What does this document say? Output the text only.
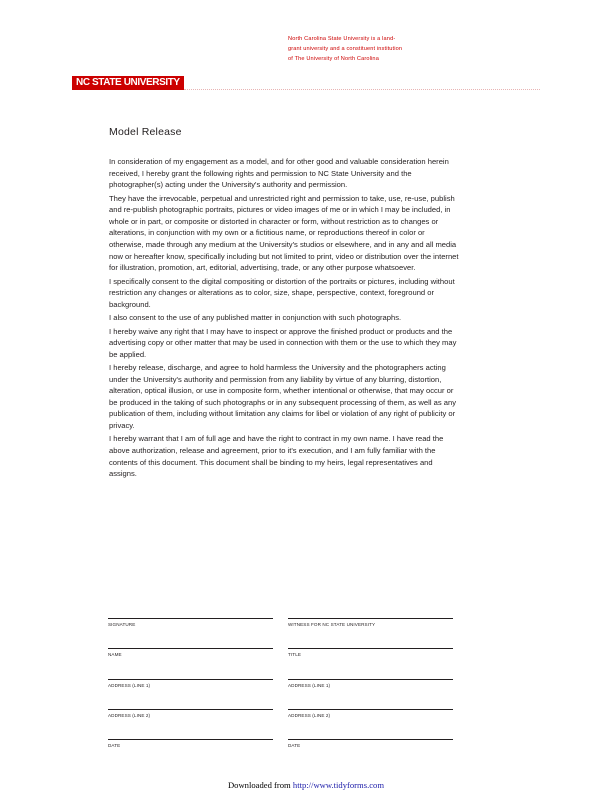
North Carolina State University is a land-
grant university and a constituent institution
of The University of North Carolina
NC STATE UNIVERSITY
Model Release

In consideration of my engagement as a model, and for other good and valuable consideration herein received, I hereby grant the following rights and permission to NC State University and the photographer(s) acting under the University's authority and permission.

They have the irrevocable, perpetual and unrestricted right and permission to take, use, re-use, publish and re-publish photographic portraits, pictures or video images of me or in which I may be included, in whole or in part, or composite or distorted in character or form, without restriction as to changes or alterations, in conjunction with my own or a fictitious name, or reproductions thereof in color or otherwise, made through any medium at the University's studios or elsewhere, and in any and all media now or hereafter know, specifically including but not limited to print, video or distribution over the internet for illustration, promotion, art, editorial, advertising, trade, or any other purpose whatsoever.

I specifically consent to the digital compositing or distortion of the portraits or pictures, including without restriction any changes or alterations as to color, size, shape, perspective, context, foreground or background.

I also consent to the use of any published matter in conjunction with such photographs.

I hereby waive any right that I may have to inspect or approve the finished product or products and the advertising copy or other matter that may be used in connection with them or the use to which they may be applied.

I hereby release, discharge, and agree to hold harmless the University and the photographers acting under the University's authority and permission from any liability by virtue of any blurring, distortion, alteration, optical illusion, or use in composite form, whether intentional or otherwise, that may occur or be produced in the taking of such photographs or in any subsequent processing of them, as well as any publication of them, including without limitation any claims for libel or violation of any right of publicity or privacy.

I hereby warrant that I am of full age and have the right to contract in my own name. I have read the above authorization, release and agreement, prior to it's execution, and I am fully familiar with the contents of this document. This document shall be binding to my heirs, legal representatives and assigns.

SIGNATURE	WITNESS FOR NC STATE UNIVERSITY
NAME	TITLE
ADDRESS (LINE 1)	ADDRESS (LINE 1)
ADDRESS (LINE 2)	ADDRESS (LINE 2)
DATE	DATE
Downloaded from http://www.tidyforms.com
